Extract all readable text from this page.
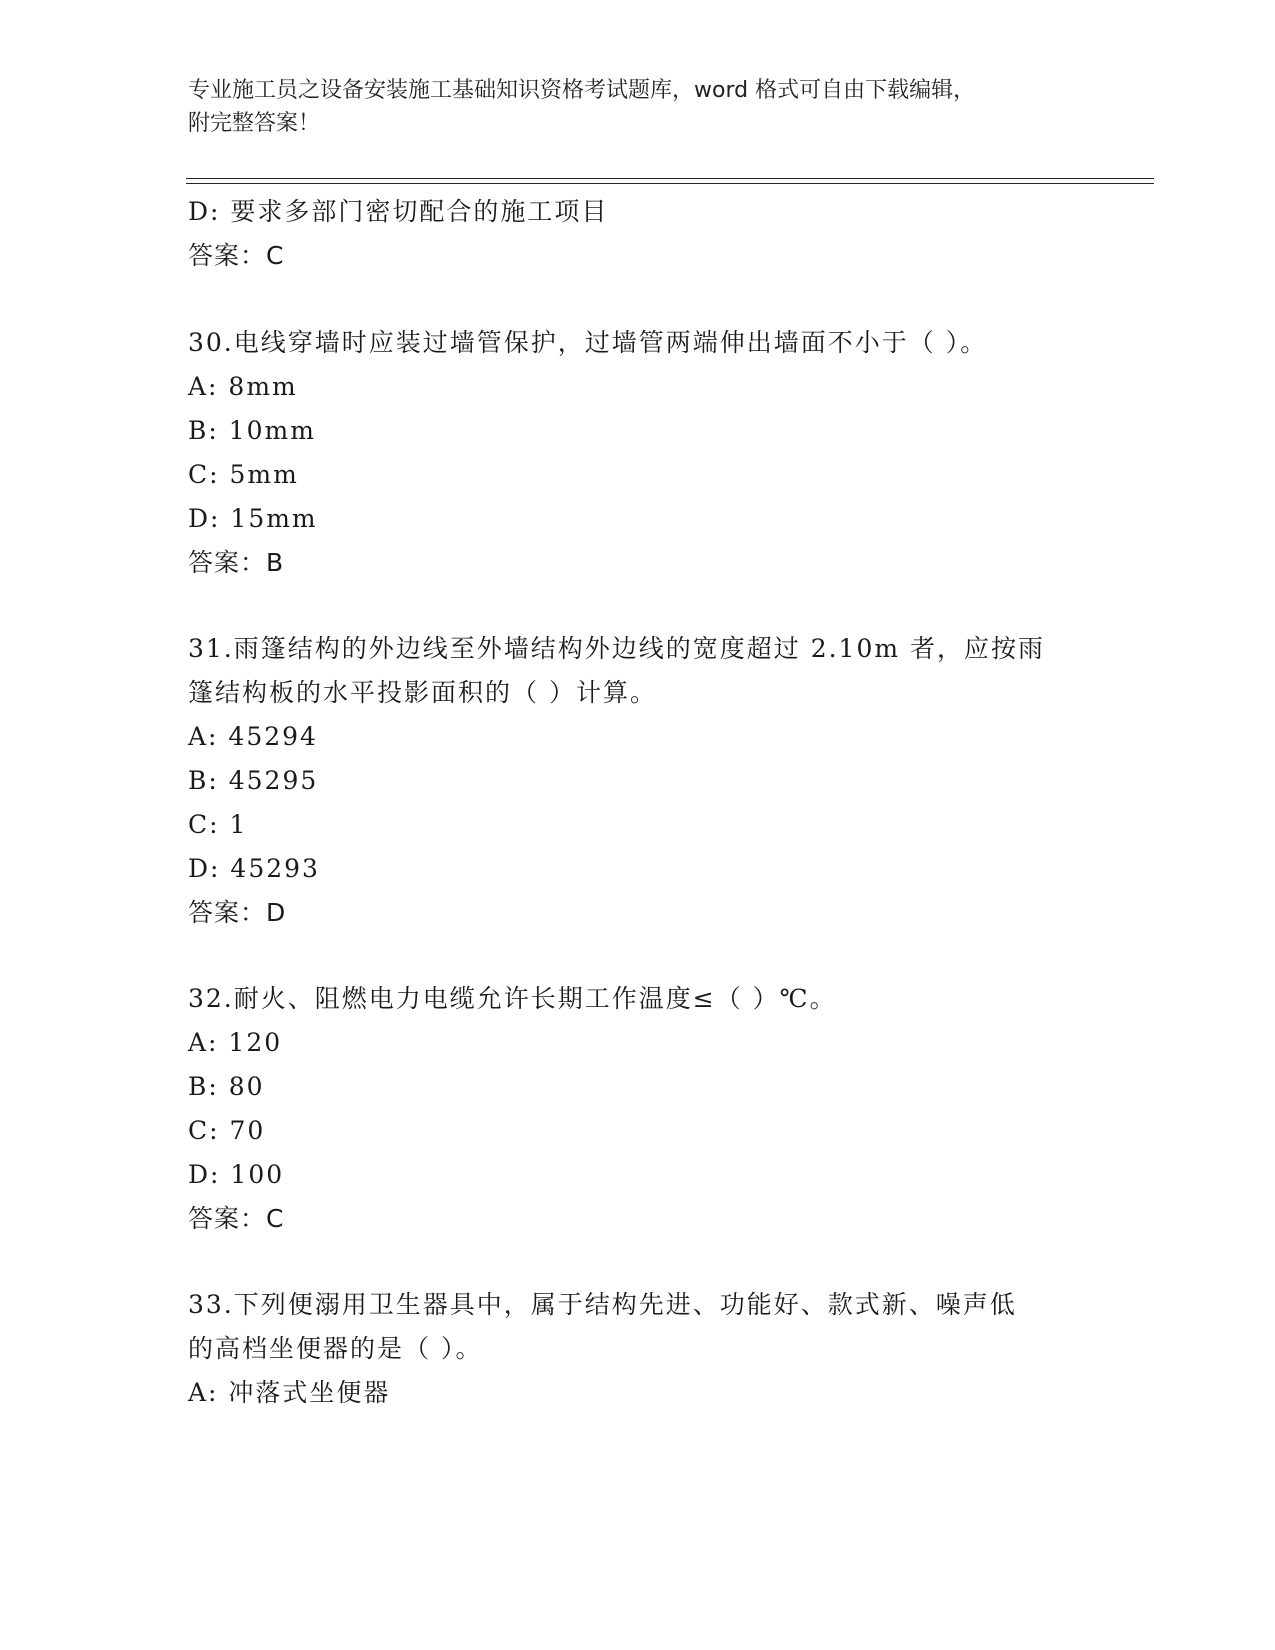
专业施工员之设备安装施工基础知识资格考试题库，word 格式可自由下载编辑，
附完整答案！
D: 要求多部门密切配合的施工项目
答案：C
30.电线穿墙时应装过墙管保护，过墙管两端伸出墙面不小于（ ）。
A: 8mm
B: 10mm
C: 5mm
D: 15mm
答案：B
31.雨篷结构的外边线至外墙结构外边线的宽度超过 2.10m 者，应按雨
篷结构板的水平投影面积的（ ）计算。
A: 45294
B: 45295
C: 1
D: 45293
答案：D
32.耐火、阻燃电力电缆允许长期工作温度≤（ ）℃。
A: 120
B: 80
C: 70
D: 100
答案：C
33.下列便溺用卫生器具中，属于结构先进、功能好、款式新、噪声低
的高档坐便器的是（ ）。
A: 冲落式坐便器
